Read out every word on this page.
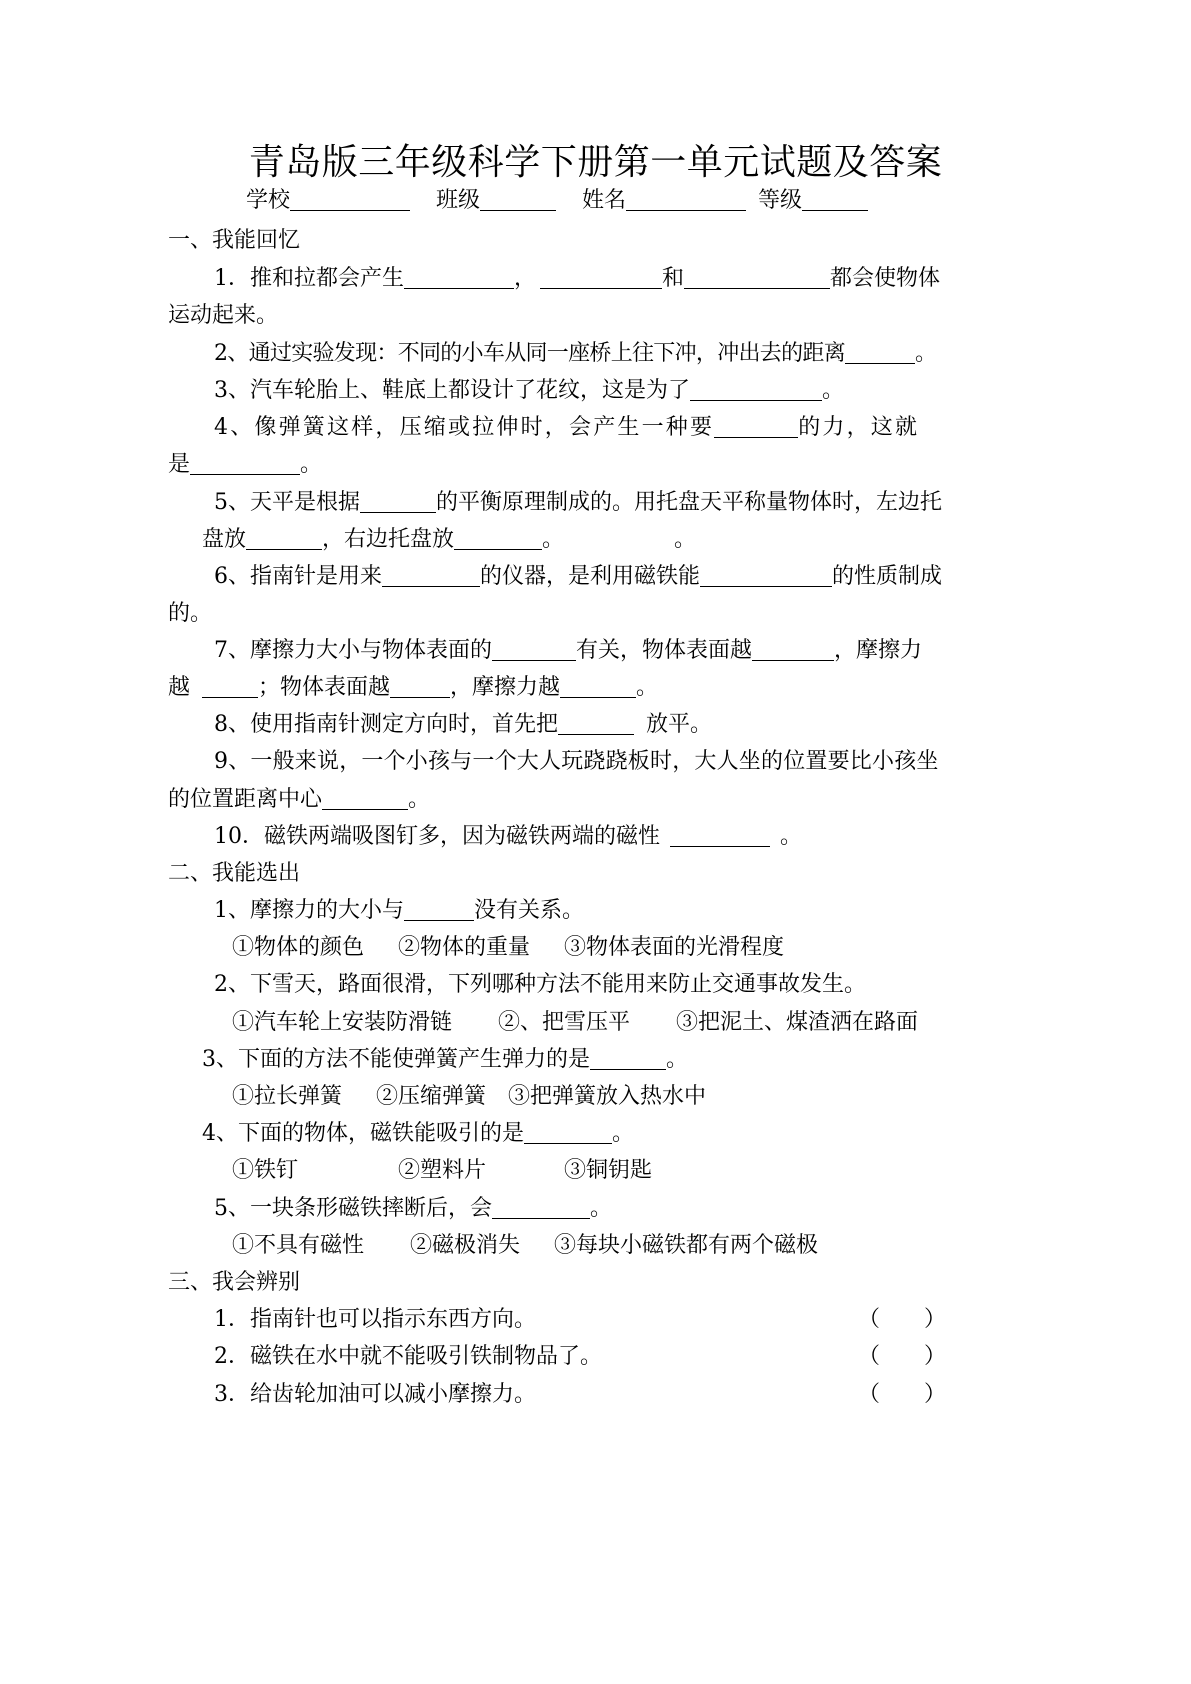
青岛版三年级科学下册第一单元试题及答案
学校	班级	姓名	等级
一、我能回忆
1．推和拉都会产生	，	和	都会使物体
运动起来。
2、通过实验发现：不同的小车从同一座桥上往下冲，冲出去的距离	。
3、汽车轮胎上、鞋底上都设计了花纹，这是为了	。
4、像弹簧这样，压缩或拉伸时，会产生一种要	的力，这就
是	。
5、天平是根据	的平衡原理制成的。用托盘天平称量物体时，左边托
盘放	，右边托盘放	。	。
6、指南针是用来	的仪器，是利用磁铁能	的性质制成
的。
7、摩擦力大小与物体表面的	有关，物体表面越	，摩擦力
越	；物体表面越	，摩擦力越	。
8、使用指南针测定方向时，首先把	放平。
9、一般来说，一个小孩与一个大人玩跷跷板时，大人坐的位置要比小孩坐
的位置距离中心	。
10．磁铁两端吸图钉多，因为磁铁两端的磁性	。
二、我能选出
1、摩擦力的大小与	没有关系。
①物体的颜色 ②物体的重量 ③物体表面的光滑程度
2、下雪天，路面很滑，下列哪种方法不能用来防止交通事故发生。
①汽车轮上安装防滑链 ②、把雪压平 ③把泥土、煤渣洒在路面
3、下面的方法不能使弹簧产生弹力的是	。
①拉长弹簧 ②压缩弹簧 ③把弹簧放入热水中
4、下面的物体，磁铁能吸引的是	。
①铁钉	②塑料片	③铜钥匙
5、一块条形磁铁摔断后，会	。
①不具有磁性 ②磁极消失 ③每块小磁铁都有两个磁极
三、我会辨别
1．指南针也可以指示东西方向。	（　　）
2．磁铁在水中就不能吸引铁制物品了。	（　　）
3．给齿轮加油可以减小摩擦力。	（　　）
